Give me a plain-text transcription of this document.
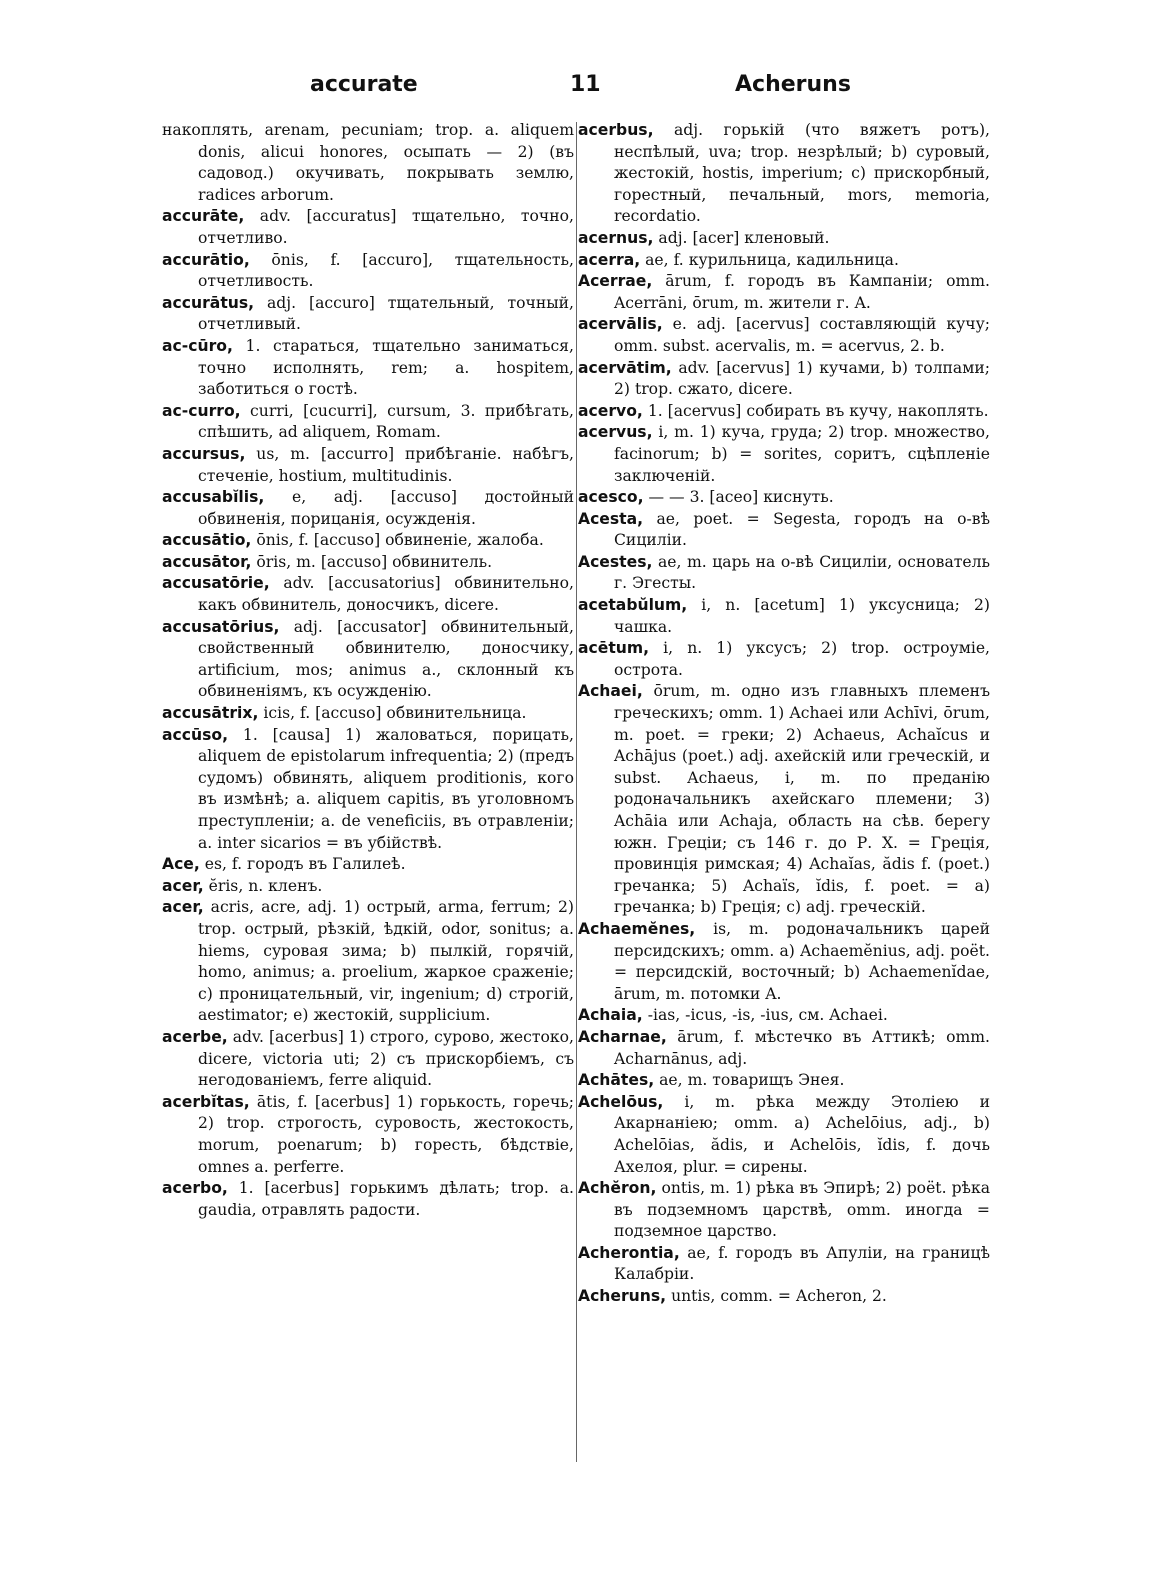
accurate	11	Acheruns

накоплять, arenam, pecuniam; trop. a. aliquem donis, alicui honores, осыпать — 2) (въ садовод.) окучивать, покрывать землю, radices arborum.

accurāte, adv. [accuratus] тщательно, точно, отчетливо.

accurātio, ōnis, f. [accuro], тщательность, отчетливость.

accurātus, adj. [accuro] тщательный, точный, отчетливый.

ac-cūro, 1. стараться, тщательно заниматься, точно исполнять, rem; a. hospitem, заботиться о гостѣ.

ac-curro, curri, [cucurri], cursum, 3. прибѣгать, спѣшить, ad aliquem, Romam.

accursus, us, m. [accurro] прибѣганіе. набѣгъ, стеченіе, hostium, multitudinis.

accusabĭlis, e, adj. [accuso] достойный обвиненія, порицанія, осужденія.

accusātio, ōnis, f. [accuso] обвиненіе, жалоба.

accusātor, ōris, m. [accuso] обвинитель.

accusatōrie, adv. [accusatorius] обвинительно, какъ обвинитель, доносчикъ, dicere.

accusatōrius, adj. [accusator] обвинительный, свойственный обвинителю, доносчику, artificium, mos; animus a., склонный къ обвиненіямъ, къ осужденію.

accusātrix, icis, f. [accuso] обвинительница.

accūso, 1. [causa] 1) жаловаться, порицать, aliquem de epistolarum infrequentia; 2) (предъ судомъ) обвинять, aliquem proditionis, кого въ измѣнѣ; a. aliquem capitis, въ уголовномъ преступленіи; a. de veneficiis, въ отравленіи; a. inter sicarios = въ убійствѣ.

Ace, es, f. городъ въ Галилеѣ.

acer, ĕris, n. кленъ.

acer, acris, acre, adj. 1) острый, arma, ferrum; 2) trop. острый, рѣзкій, ѣдкій, odor, sonitus; a. hiems, суровая зима; b) пылкій, горячій, homo, animus; a. proelium, жаркое сраженіе; c) проницательный, vir, ingenium; d) строгій, aestimator; e) жестокій, supplicium.

acerbe, adv. [acerbus] 1) строго, сурово, жестоко, dicere, victoria uti; 2) съ прискорбіемъ, съ негодованіемъ, ferre aliquid.

acerbĭtas, ātis, f. [acerbus] 1) горькость, горечь; 2) trop. строгость, суровость, жестокость, morum, poenarum; b) горесть, бѣдствіе, omnes a. perferre.

acerbo, 1. [acerbus] горькимъ дѣлать; trop. a. gaudia, отравлять радости.

acerbus, adj. горькій (что вяжетъ ротъ), неспѣлый, uva; trop. незрѣлый; b) суровый, жестокій, hostis, imperium; c) прискорбный, горестный, печальный, mors, memoria, recordatio.

acernus, adj. [acer] кленовый.

acerra, ae, f. курильница, кадильница.

Acerrae, ārum, f. городъ въ Кампаніи; omm. Acerrāni, ōrum, m. жители г. A.

acervālis, e. adj. [acervus] составляющій кучу; omm. subst. acervalis, m. = acervus, 2. b.

acervātim, adv. [acervus] 1) кучами, b) толпами; 2) trop. сжато, dicere.

acervo, 1. [acervus] собирать въ кучу, накоплять.

acervus, i, m. 1) куча, груда; 2) trop. множество, facinorum; b) = sorites, соритъ, сцѣпленіе заключеній.

acesco, — — 3. [aceo] киснуть.

Acesta, ae, poet. = Segesta, городъ на о-вѣ Сициліи.

Acestes, ae, m. царь на о-вѣ Сициліи, основатель г. Эгесты.

acetabŭlum, i, n. [acetum] 1) уксусница; 2) чашка.

acētum, i, n. 1) уксусъ; 2) trop. остроуміе, острота.

Achaei, ōrum, m. одно изъ главныхъ племенъ греческихъ; omm. 1) Achaei или Achīvi, ōrum, m. poet. = греки; 2) Achaeus, Achaĭcus и Achājus (poet.) adj. ахейскій или греческій, и subst. Achaeus, i, m. по преданію родоначальникъ ахейскаго племени; 3) Achāia или Achaja, область на сѣв. берегу южн. Греціи; съ 146 г. до Р. Х. = Греція, провинція римская; 4) Achaĭas, ădis f. (poet.) гречанка; 5) Achaïs, ĭdis, f. poet. = a) гречанка; b) Греція; c) adj. греческій.

Achaemĕnes, is, m. родоначальникъ царей персидскихъ; omm. a) Achaemĕnius, adj. poët. = персидскій, восточный; b) Achaemenĭdae, ārum, m. потомки A.

Achaia, -ias, -icus, -is, -ius, см. Achaei.

Acharnae, ārum, f. мѣстечко въ Аттикѣ; omm. Acharnānus, adj.

Achātes, ae, m. товарищъ Энея.

Achelōus, i, m. рѣка между Этоліею и Акарнаніею; omm. a) Achelōius, adj., b) Achelōias, ădis, и Achelōis, ĭdis, f. дочь Ахелоя, plur. = сирены.

Achĕron, ontis, m. 1) рѣка въ Эпирѣ; 2) poët. рѣка въ подземномъ царствѣ, omm. иногда = подземное царство.

Acherontia, ae, f. городъ въ Апуліи, на границѣ Калабріи.

Acheruns, untis, comm. = Acheron, 2.
